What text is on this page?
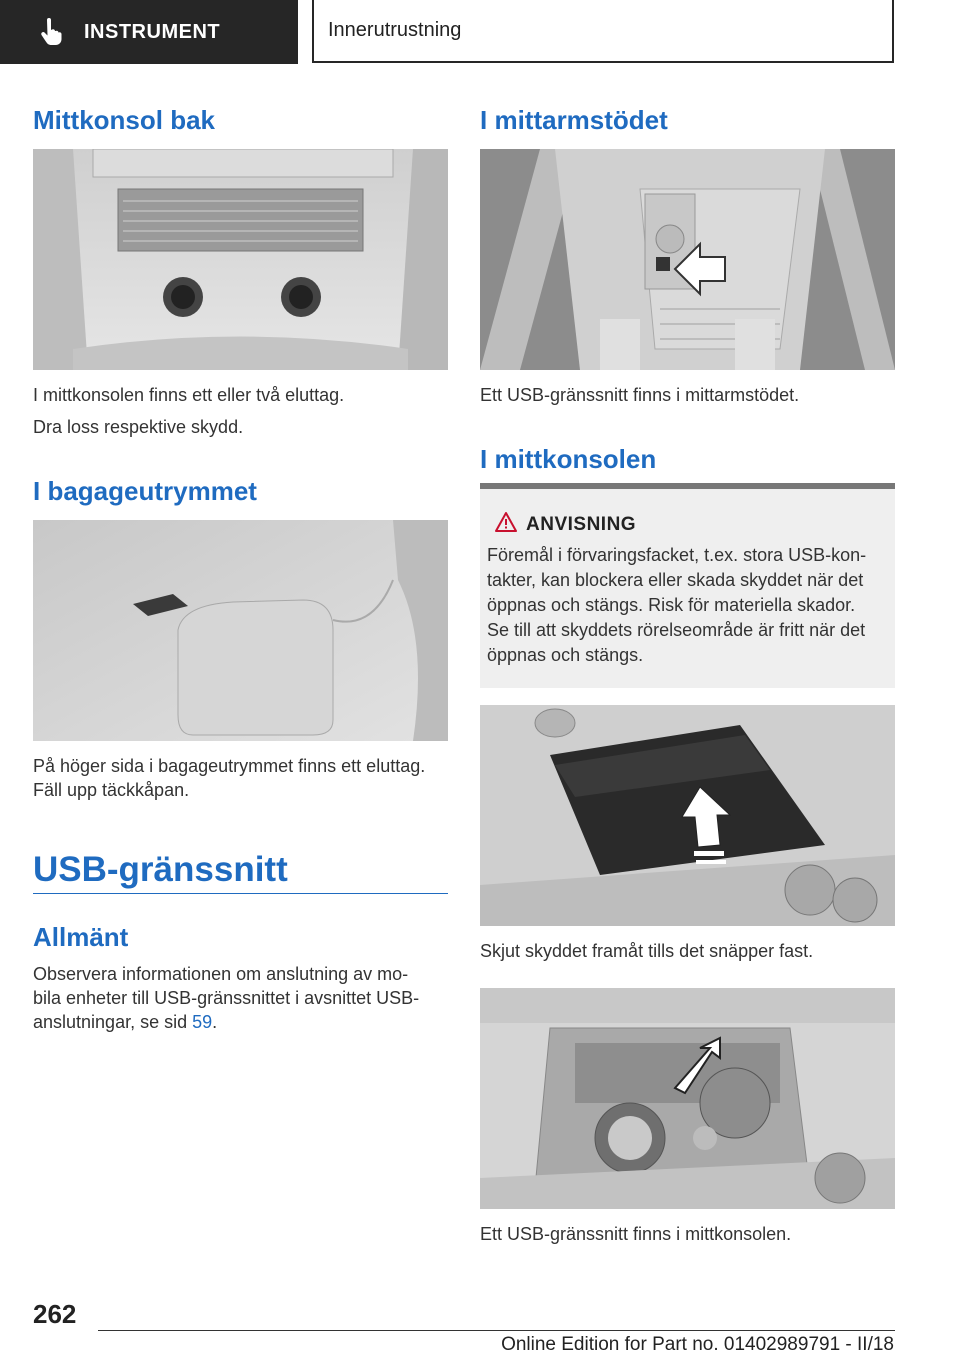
INSTRUMENT	Innerutrustning
Mittkonsol bak

I mittkonsolen finns ett eller två eluttag.

Dra loss respektive skydd.

I bagageutrymmet

På höger sida i bagageutrymmet finns ett eluttag.

Fäll upp täckkåpan.

USB-gränssnitt
Allmänt

Observera informationen om anslutning av mo-
bila enheter till USB-gränssnittet i avsnittet USB-
anslutningar, se sid 59.

I mittarmstödet

Ett USB-gränssnitt finns i mittarmstödet.

I mittkonsolen
ANVISNING
Föremål i förvaringsfacket, t.ex. stora USB-kon-
takter, kan blockera eller skada skyddet när det
öppnas och stängs. Risk för materiella skador.
Se till att skyddets rörelseområde är fritt när det
öppnas och stängs.

Skjut skyddet framåt tills det snäpper fast.

Ett USB-gränssnitt finns i mittkonsolen.

262
Online Edition for Part no. 01402989791 - II/18
